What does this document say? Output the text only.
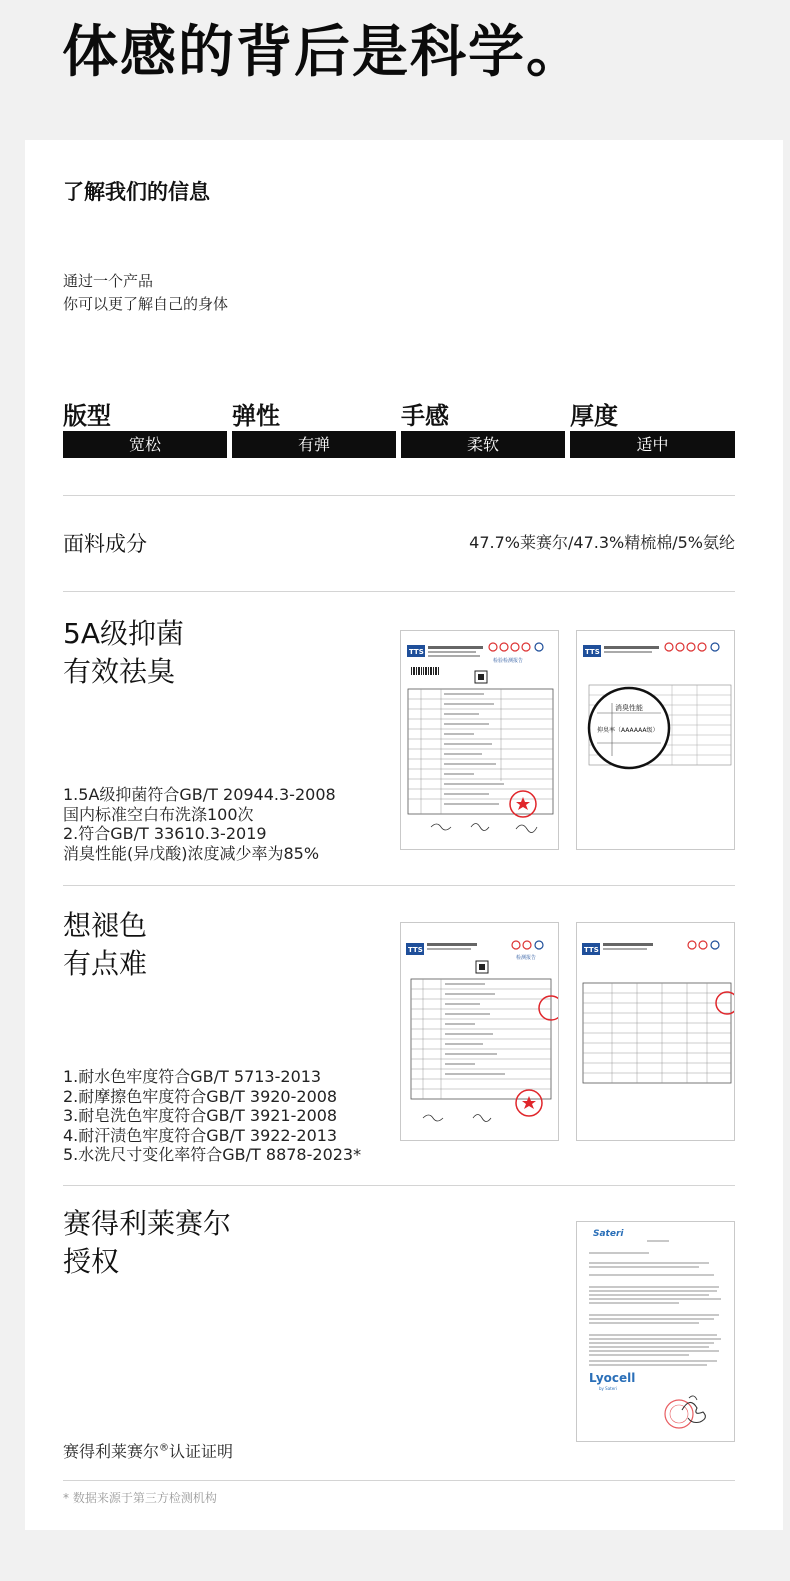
体感的背后是科学。
了解我们的信息
通过一个产品
你可以更了解自己的身体
版型	弹性	手感	厚度
宽松	有弹	柔软	适中
面料成分	47.7%莱赛尔/47.3%精梳棉/5%氨纶
5A级抑菌
有效祛臭
1.5A级抑菌符合GB/T 20944.3-2008
国内标准空白布洗涤100次
2.符合GB/T 33610.3-2019
消臭性能(异戊酸)浓度减少率为85%
TTS
检验检测报告
TTS
消臭性能
抑臭率（AAAAAA级）
想褪色
有点难
1.耐水色牢度符合GB/T 5713-2013
2.耐摩擦色牢度符合GB/T 3920-2008
3.耐皂洗色牢度符合GB/T 3921-2008
4.耐汗渍色牢度符合GB/T 3922-2013
5.水洗尺寸变化率符合GB/T 8878-2023*
TTS
检测报告
TTS
赛得利莱赛尔
授权
赛得利莱赛尔®认证证明
Sateri
Lyocell
by Sateri
* 数据来源于第三方检测机构
